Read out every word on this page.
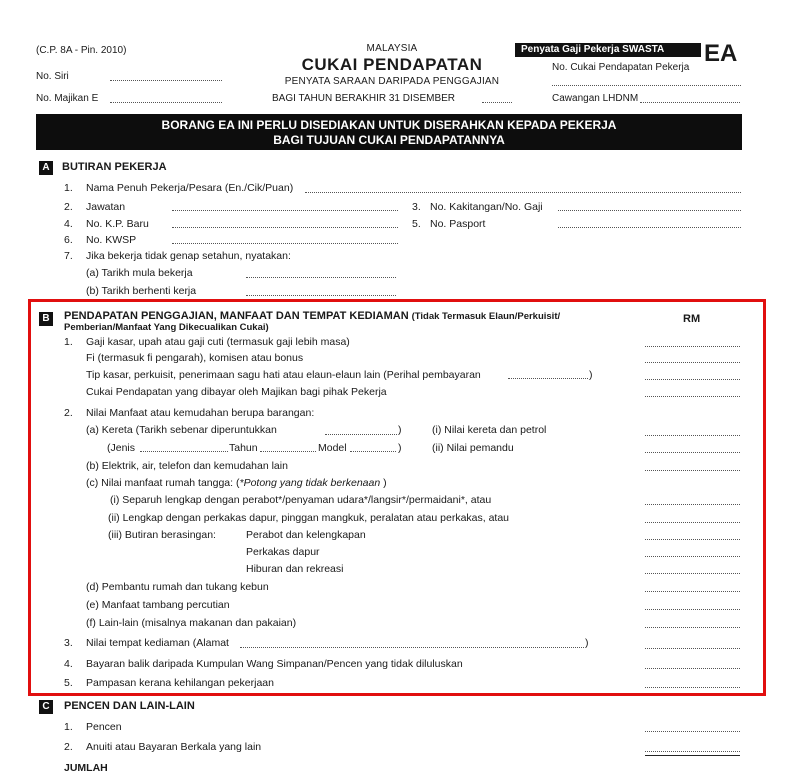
(C.P. 8A - Pin. 2010)
No. Siri
No. Majikan E
MALAYSIA
CUKAI PENDAPATAN
PENYATA SARAAN DARIPADA PENGGAJIAN
BAGI TAHUN BERAKHIR 31 DISEMBER
Penyata Gaji Pekerja SWASTA	EA
No. Cukai Pendapatan Pekerja
Cawangan LHDNM
BORANG EA INI PERLU DISEDIAKAN UNTUK DISERAHKAN KEPADA PEKERJA
BAGI TUJUAN CUKAI PENDAPATANNYA
A	BUTIRAN PEKERJA
1. Nama Penuh Pekerja/Pesara (En./Cik/Puan)
2. Jawatan	3. No. Kakitangan/No. Gaji
4. No. K.P. Baru	5. No. Pasport
6. No. KWSP
7. Jika bekerja tidak genap setahun, nyatakan:
(a) Tarikh mula bekerja
(b) Tarikh berhenti kerja
B	PENDAPATAN PENGGAJIAN, MANFAAT DAN TEMPAT KEDIAMAN (Tidak Termasuk Elaun/Perkuisit/
Pemberian/Manfaat Yang Dikecualikan Cukai)
RM
1. Gaji kasar, upah atau gaji cuti (termasuk gaji lebih masa)
Fi (termasuk fi pengarah), komisen atau bonus
Tip kasar, perkuisit, penerimaan sagu hati atau elaun-elaun lain (Perihal pembayaran	)
Cukai Pendapatan yang dibayar oleh Majikan bagi pihak Pekerja
2. Nilai Manfaat atau kemudahan berupa barangan:
(a) Kereta (Tarikh sebenar diperuntukkan	)	(i) Nilai kereta dan petrol
(Jenis	Tahun	Model	)	(ii) Nilai pemandu
(b) Elektrik, air, telefon dan kemudahan lain
(c) Nilai manfaat rumah tangga: (*Potong yang tidak berkenaan )
(i) Separuh lengkap dengan perabot*/penyaman udara*/langsir*/permaidani*, atau
(ii) Lengkap dengan perkakas dapur, pinggan mangkuk, peralatan atau perkakas, atau
(iii) Butiran berasingan:	Perabot dan kelengkapan
Perkakas dapur
Hiburan dan rekreasi
(d) Pembantu rumah dan tukang kebun
(e) Manfaat tambang percutian
(f) Lain-lain (misalnya makanan dan pakaian)
3. Nilai tempat kediaman (Alamat	)
4. Bayaran balik daripada Kumpulan Wang Simpanan/Pencen yang tidak diluluskan
5. Pampasan kerana kehilangan pekerjaan
C	PENCEN DAN LAIN-LAIN
1. Pencen
2. Anuiti atau Bayaran Berkala yang lain
JUMLAH
